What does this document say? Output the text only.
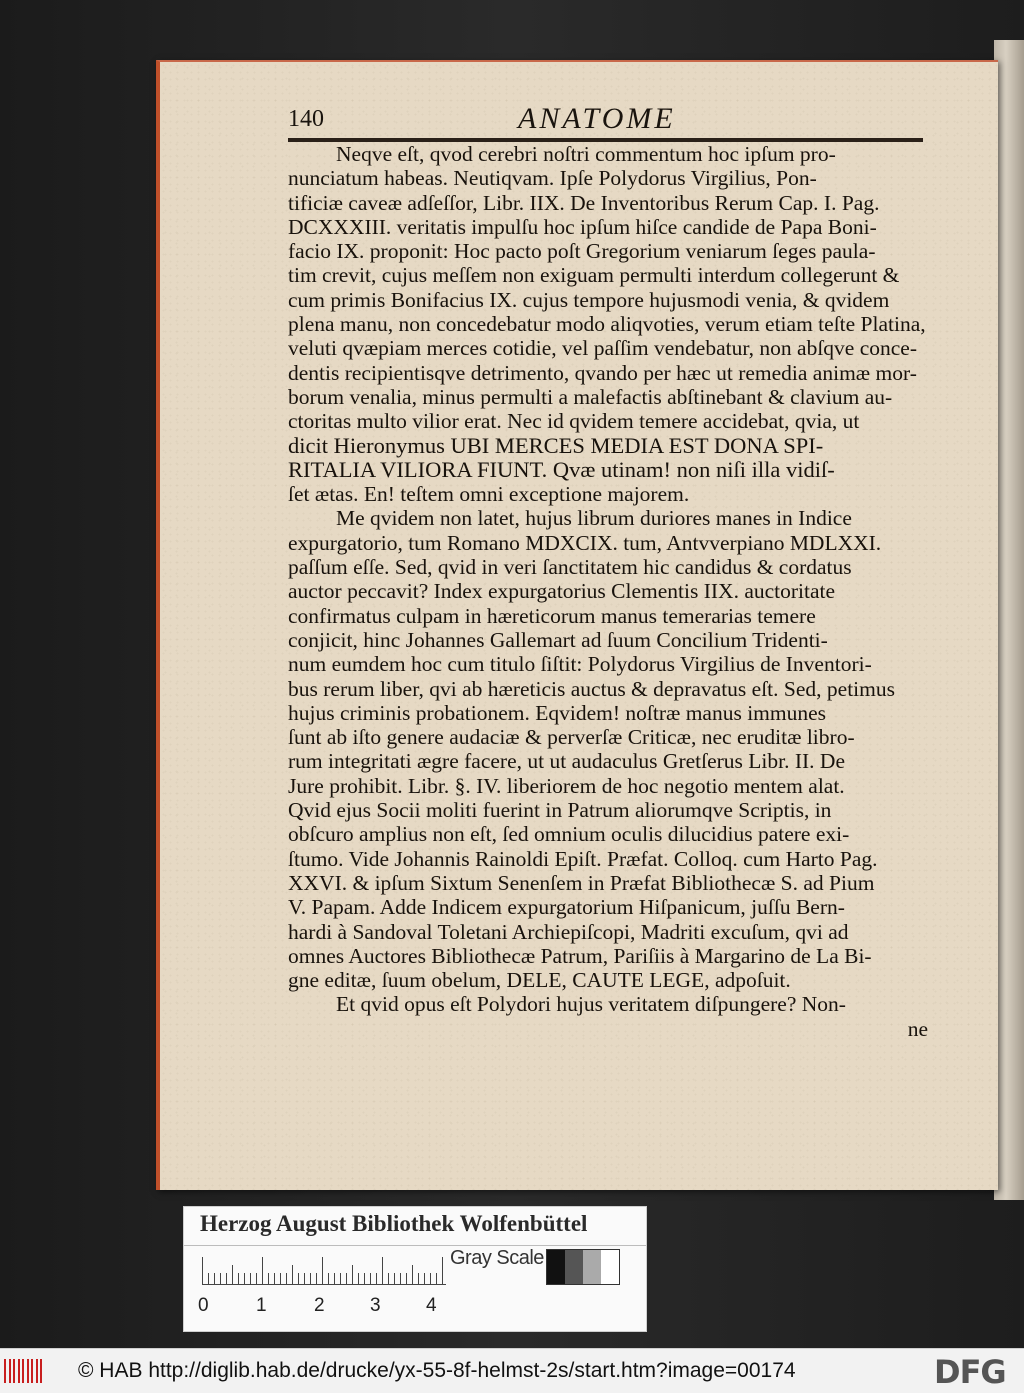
140	ANATOME
Neqve eſt, qvod cerebri noſtri commentum hoc ipſum pro-
nunciatum habeas. Neutiqvam. Ipſe Polydorus Virgilius, Pon-
tificiæ caveæ adſeſſor, Libr. IIX. De Inventoribus Rerum Cap. I. Pag.
DCXXXIII. veritatis impulſu hoc ipſum hiſce candide de Papa Boni-
facio IX. proponit: Hoc pacto poſt Gregorium veniarum ſeges paula-
tim crevit, cujus meſſem non exiguam permulti interdum collegerunt &
cum primis Bonifacius IX. cujus tempore hujusmodi venia, & qvidem
plena manu, non concedebatur modo aliqvoties, verum etiam teſte Platina,
veluti qvæpiam merces cotidie, vel paſſim vendebatur, non abſqve conce-
dentis recipientisqve detrimento, qvando per hæc ut remedia animæ mor-
borum venalia, minus permulti a malefactis abſtinebant & clavium au-
ctoritas multo vilior erat. Nec id qvidem temere accidebat, qvia, ut
dicit Hieronymus UBI MERCES MEDIA EST DONA SPI-
RITALIA VILIORA FIUNT. Qvæ utinam! non niſi illa vidiſ-
ſet ætas. En! teſtem omni exceptione majorem.
Me qvidem non latet, hujus librum duriores manes in Indice
expurgatorio, tum Romano MDXCIX. tum, Antvverpiano MDLXXI.
paſſum eſſe. Sed, qvid in veri ſanctitatem hic candidus & cordatus
auctor peccavit? Index expurgatorius Clementis IIX. auctoritate
confirmatus culpam in hæreticorum manus temerarias temere
conjicit, hinc Johannes Gallemart ad ſuum Concilium Tridenti-
num eumdem hoc cum titulo ſiſtit: Polydorus Virgilius de Inventori-
bus rerum liber, qvi ab hæreticis auctus & depravatus eſt. Sed, petimus
hujus criminis probationem. Eqvidem! noſtræ manus immunes
ſunt ab iſto genere audaciæ & perverſæ Criticæ, nec eruditæ libro-
rum integritati ægre facere, ut ut audaculus Gretſerus Libr. II. De
Jure prohibit. Libr. §. IV. liberiorem de hoc negotio mentem alat.
Qvid ejus Socii moliti fuerint in Patrum aliorumqve Scriptis, in
obſcuro amplius non eſt, ſed omnium oculis dilucidius patere exi-
ſtumo. Vide Johannis Rainoldi Epiſt. Præfat. Colloq. cum Harto Pag.
XXVI. & ipſum Sixtum Senenſem in Præfat Bibliothecæ S. ad Pium
V. Papam. Adde Indicem expurgatorium Hiſpanicum, juſſu Bern-
hardi à Sandoval Toletani Archiepiſcopi, Madriti excuſum, qvi ad
omnes Auctores Bibliothecæ Patrum, Pariſiis à Margarino de La Bi-
gne editæ, ſuum obelum, DELE, CAUTE LEGE, adpoſuit.
Et qvid opus eſt Polydori hujus veritatem diſpungere? Non-
ne
Herzog August Bibliothek Wolfenbüttel
0 1 2 3 4
Gray Scale
© HAB http://diglib.hab.de/drucke/yx-55-8f-helmst-2s/start.htm?image=00174	DFG
